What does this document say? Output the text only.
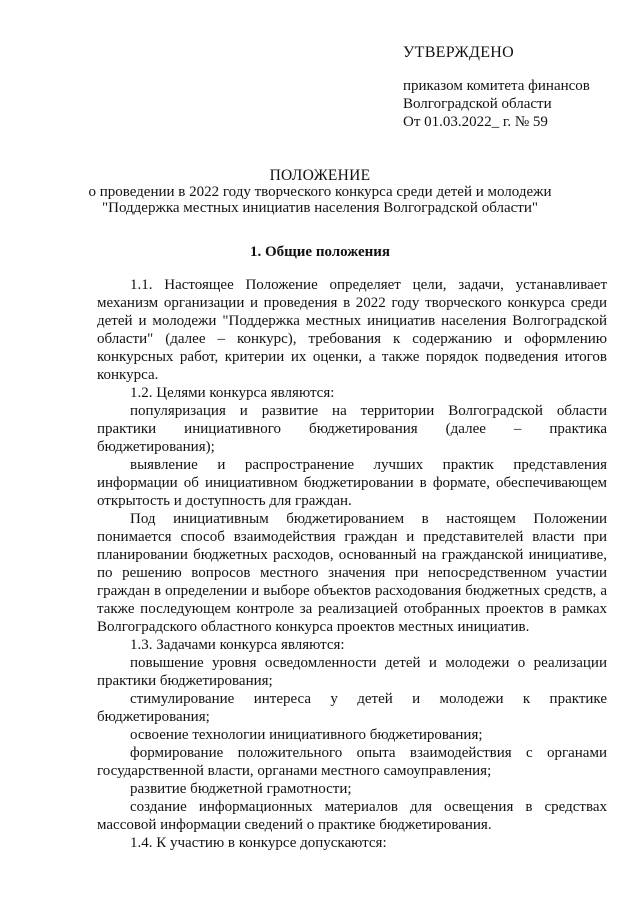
УТВЕРЖДЕНО
приказом комитета финансов
Волгоградской области
От 01.03.2022_ г. № 59
ПОЛОЖЕНИЕ
о проведении в 2022 году творческого конкурса среди детей и молодежи
"Поддержка местных инициатив населения Волгоградской области"
1. Общие положения

1.1. Настоящее Положение определяет цели, задачи, устанавливает механизм организации и проведения в 2022 году творческого конкурса среди детей и молодежи "Поддержка местных инициатив населения Волгоградской области" (далее – конкурс), требования к содержанию и оформлению конкурсных работ, критерии их оценки, а также порядок подведения итогов конкурса.

1.2. Целями конкурса являются:

популяризация и развитие на территории Волгоградской области практики инициативного бюджетирования (далее – практика бюджетирования);

выявление и распространение лучших практик представления информации об инициативном бюджетировании в формате, обеспечивающем открытость и доступность для граждан.

Под инициативным бюджетированием в настоящем Положении понимается способ взаимодействия граждан и представителей власти при планировании бюджетных расходов, основанный на гражданской инициативе, по решению вопросов местного значения при непосредственном участии граждан в определении и выборе объектов расходования бюджетных средств, а также последующем контроле за реализацией отобранных проектов в рамках Волгоградского областного конкурса проектов местных инициатив.

1.3. Задачами конкурса являются:

повышение уровня осведомленности детей и молодежи о реализации практики бюджетирования;

стимулирование интереса у детей и молодежи к практике бюджетирования;

освоение технологии инициативного бюджетирования;

формирование положительного опыта взаимодействия с органами государственной власти, органами местного самоуправления;

развитие бюджетной грамотности;

создание информационных материалов для освещения в средствах массовой информации сведений о практике бюджетирования.

1.4. К участию в конкурсе допускаются:
